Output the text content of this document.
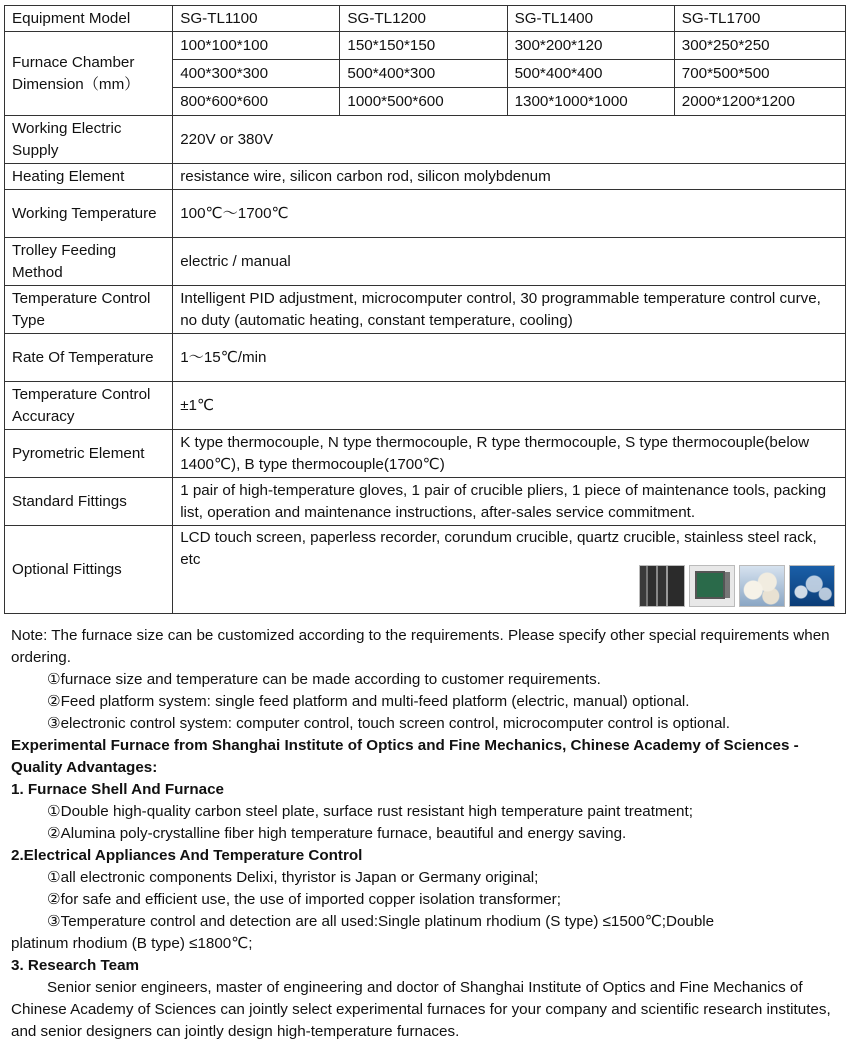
Equipment Model	SG-TL1100	SG-TL1200	SG-TL1400	SG-TL1700
Furnace Chamber Dimension（mm）	100*100*100	150*150*150	300*200*120	300*250*250
	400*300*300	500*400*300	500*400*400	700*500*500
	800*600*600	1000*500*600	1300*1000*1000	2000*1200*1200
Working Electric Supply	220V or 380V			
Heating Element	resistance wire, silicon carbon rod, silicon molybdenum			
Working Temperature	100℃～1700℃			
Trolley Feeding Method	electric / manual			
Temperature Control Type	Intelligent PID adjustment, microcomputer control, 30 programmable temperature control curve, no duty (automatic heating, constant temperature, cooling)			
Rate Of Temperature	1～15℃/min			
Temperature Control Accuracy	±1℃			
Pyrometric Element	K type thermocouple, N type thermocouple, R type thermocouple, S type thermocouple(below 1400℃), B type thermocouple(1700℃)			
Standard Fittings	1 pair of high-temperature gloves, 1 pair of crucible pliers, 1 piece of maintenance tools, packing list, operation and maintenance instructions, after-sales service commitment.			
Optional Fittings	LCD touch screen, paperless recorder, corundum crucible, quartz crucible, stainless steel rack, etc			

Note: The furnace size can be customized according to the requirements. Please specify other special requirements when ordering.

①furnace size and temperature can be made according to customer requirements.

②Feed platform system: single feed platform and multi-feed platform (electric, manual) optional.

③electronic control system: computer control, touch screen control, microcomputer control is optional.

Experimental Furnace from Shanghai Institute of Optics and Fine Mechanics, Chinese Academy of Sciences - Quality Advantages:

1. Furnace Shell And Furnace

①Double high-quality carbon steel plate, surface rust resistant high temperature paint treatment;

②Alumina poly-crystalline fiber high temperature furnace, beautiful and energy saving.

2.Electrical Appliances And Temperature Control

①all electronic components Delixi, thyristor is Japan or Germany original;

②for safe and efficient use, the use of imported copper isolation transformer;

③Temperature control and detection are all used:Single platinum rhodium (S type) ≤1500℃;Double

platinum rhodium (B type) ≤1800℃;

3. Research Team

Senior senior engineers, master of engineering and doctor of Shanghai Institute of Optics and Fine Mechanics of Chinese Academy of Sciences can jointly select experimental furnaces for your company and scientific research institutes, and senior designers can jointly design high-temperature furnaces.
